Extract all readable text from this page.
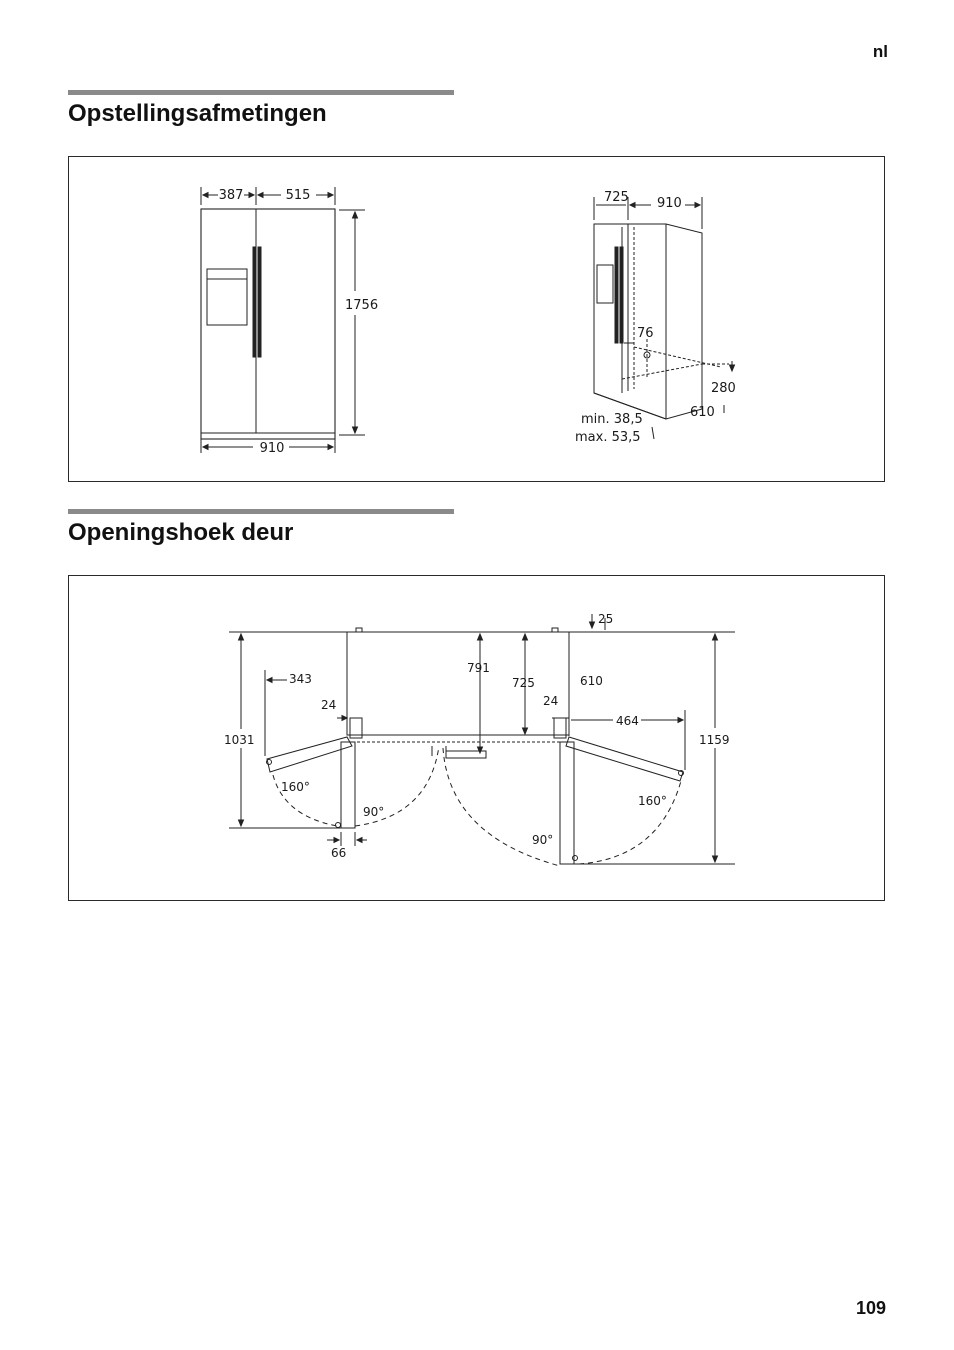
nl
Opstellingsafmetingen
387	515
1756
910
725 910
76
280
610
min. 38,5
max. 53,5
Openingshoek deur
25
791
725	610
343
24	24
464
1031	1159
160°
160°
90°
90°
66
109
